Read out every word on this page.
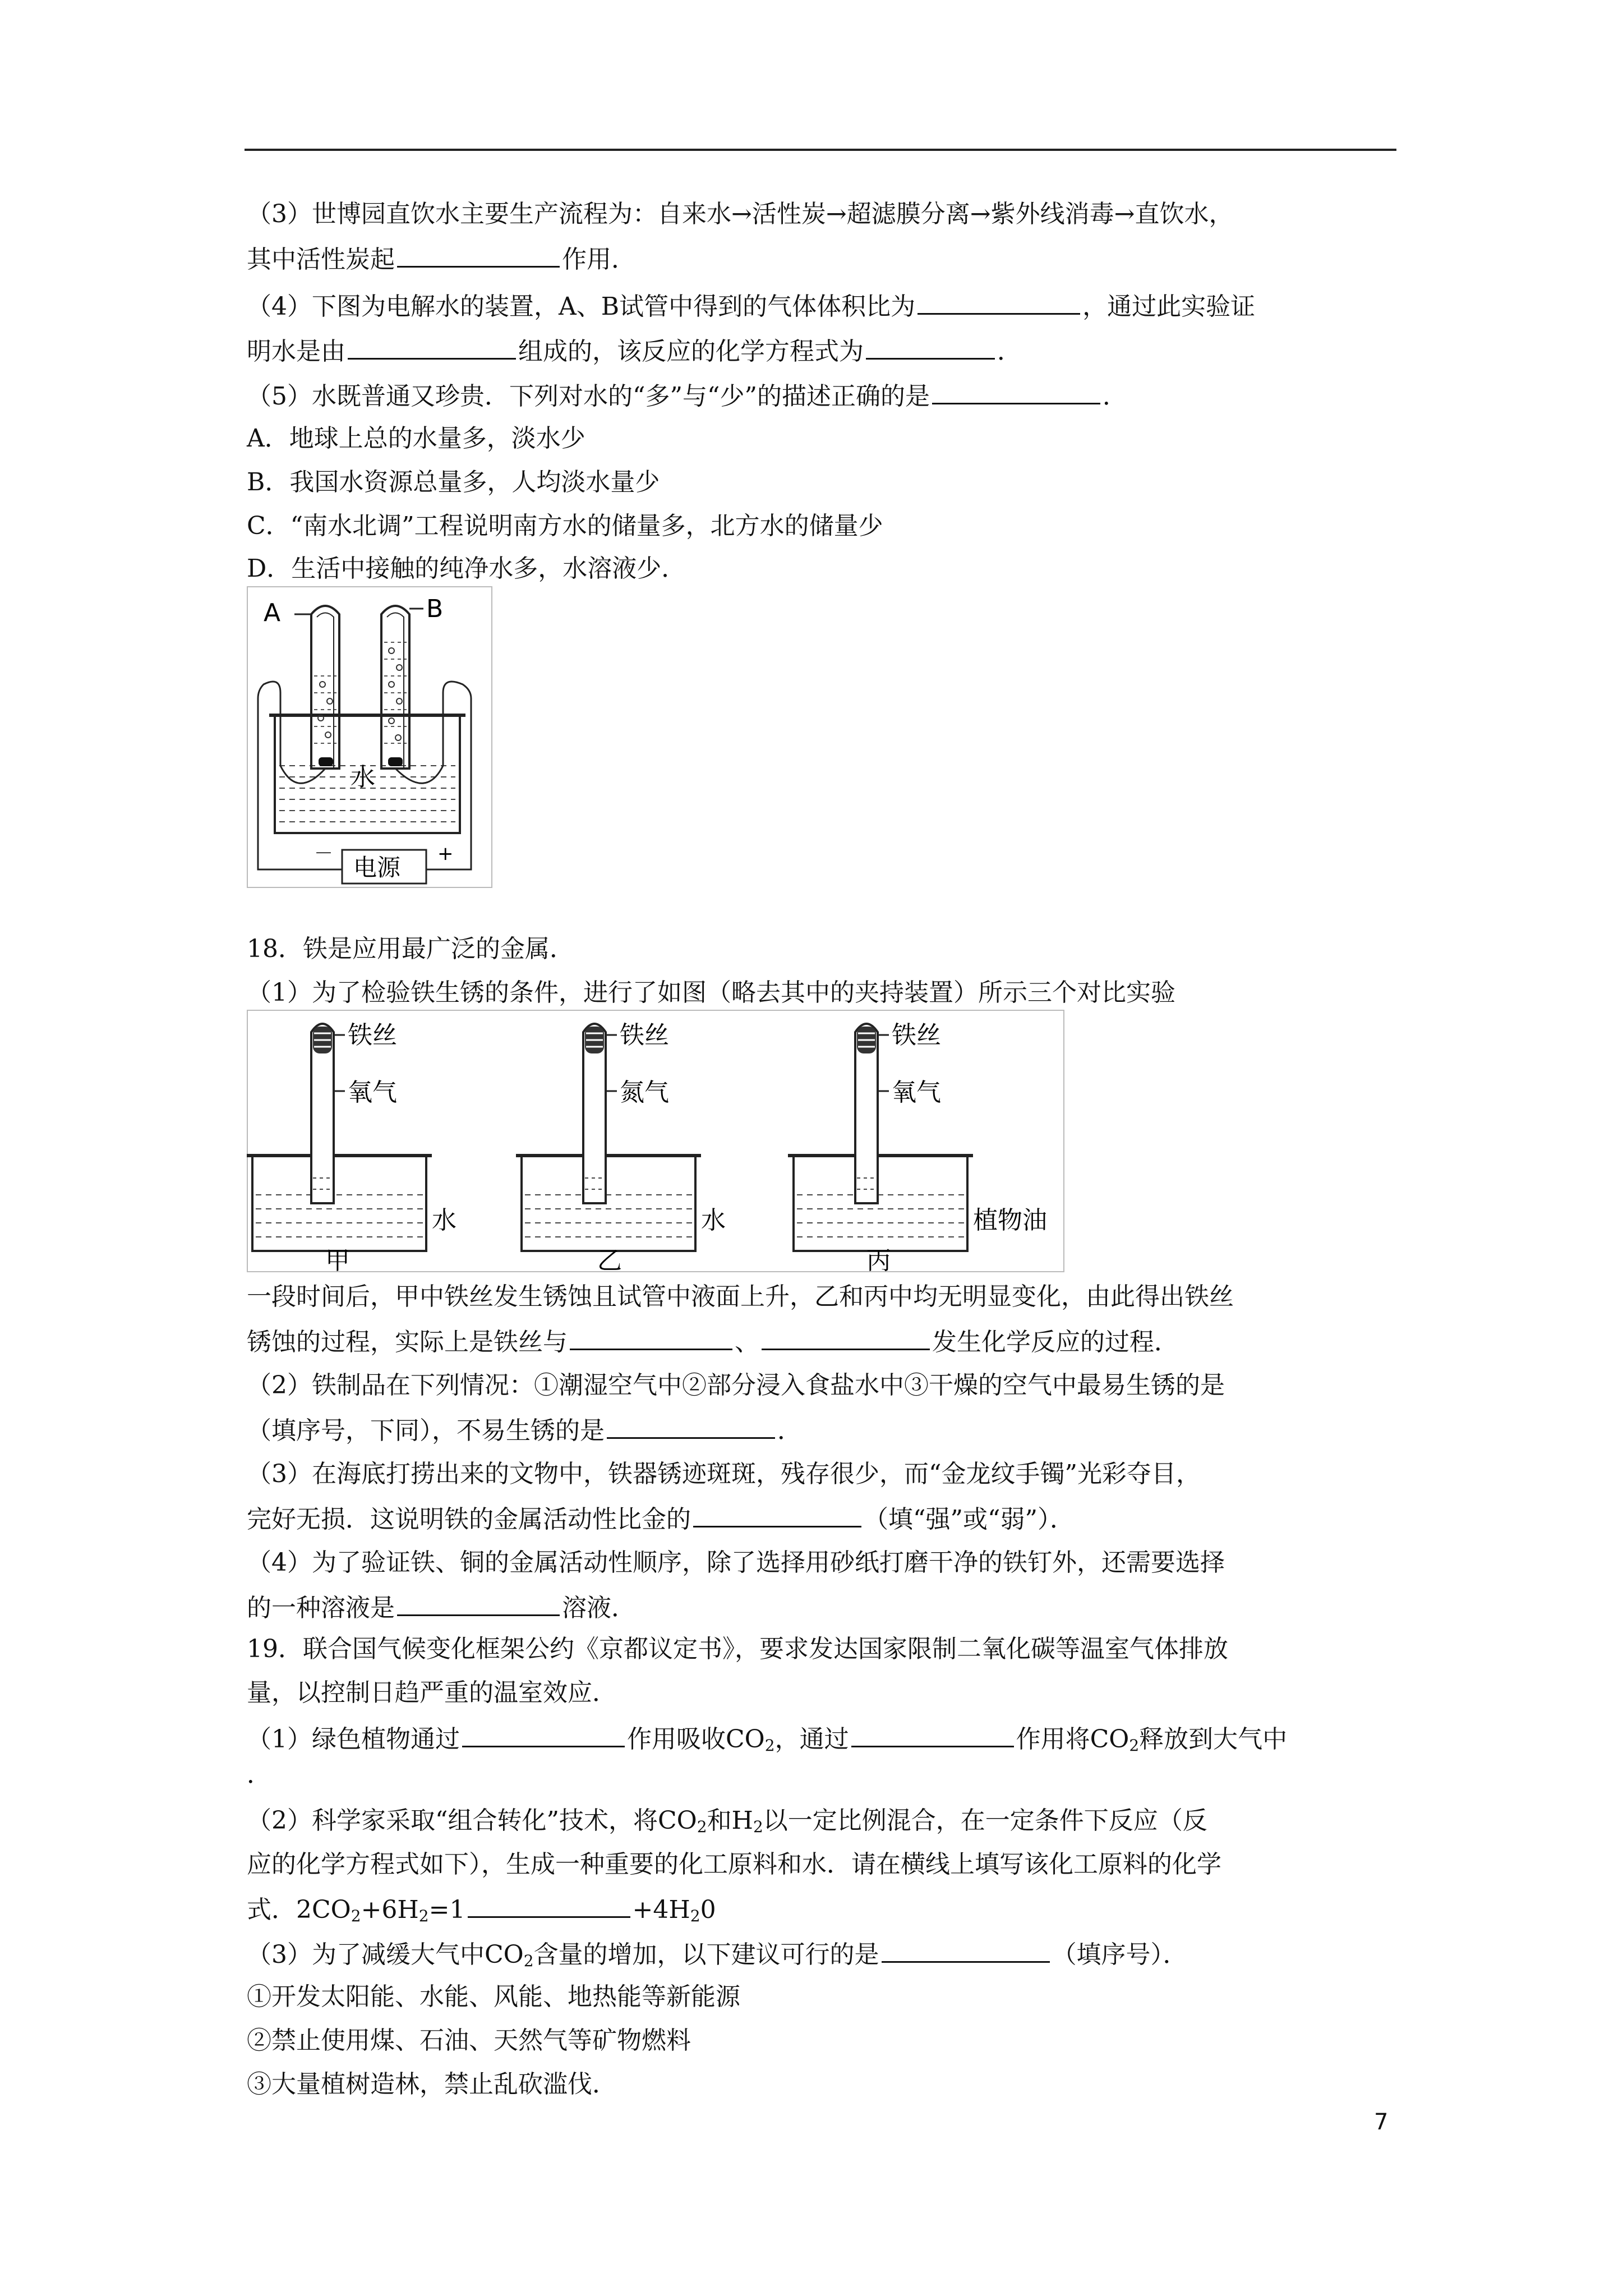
（3）世博园直饮水主要生产流程为：自来水→活性炭→超滤膜分离→紫外线消毒→直饮水，
其中活性炭起	作用．
（4）下图为电解水的装置，A、B试管中得到的气体体积比为	，通过此实验证
明水是由	组成的，该反应的化学方程式为	．
（5）水既普通又珍贵．下列对水的“多”与“少”的描述正确的是	．
A．地球上总的水量多，淡水少
B．我国水资源总量多，人均淡水量少
C．“南水北调”工程说明南方水的储量多，北方水的储量少
D．生活中接触的纯净水多，水溶液少．
A	B
水
电源
－	+
18．铁是应用最广泛的金属．
（1）为了检验铁生锈的条件，进行了如图（略去其中的夹持装置）所示三个对比实验
铁丝
氧气
水
甲
铁丝
氮气
水
乙
铁丝
氧气
植物油
丙
一段时间后，甲中铁丝发生锈蚀且试管中液面上升，乙和丙中均无明显变化，由此得出铁丝
锈蚀的过程，实际上是铁丝与	、	发生化学反应的过程．
（2）铁制品在下列情况：①潮湿空气中②部分浸入食盐水中③干燥的空气中最易生锈的是
（填序号，下同），不易生锈的是	．
（3）在海底打捞出来的文物中，铁器锈迹斑斑，残存很少，而“金龙纹手镯”光彩夺目，
完好无损．这说明铁的金属活动性比金的	（填“强”或“弱”）．
（4）为了验证铁、铜的金属活动性顺序，除了选择用砂纸打磨干净的铁钉外，还需要选择
的一种溶液是	溶液．
19．联合国气候变化框架公约《京都议定书》，要求发达国家限制二氧化碳等温室气体排放
量，以控制日趋严重的温室效应．
（1）绿色植物通过	作用吸收$CO_2$，通过	作用将$CO_2$释放到大气中
．
（2）科学家采取“组合转化”技术，将$CO_2$和$H_2$以一定比例混合，在一定条件下反应（反
应的化学方程式如下），生成一种重要的化工原料和水．请在横线上填写该化工原料的化学
式．$2CO_2+6H_2=1$	$+4H_20$
（3）为了减缓大气中$CO_2$含量的增加，以下建议可行的是	（填序号）．
①开发太阳能、水能、风能、地热能等新能源
②禁止使用煤、石油、天然气等矿物燃料
③大量植树造林，禁止乱砍滥伐．
7
